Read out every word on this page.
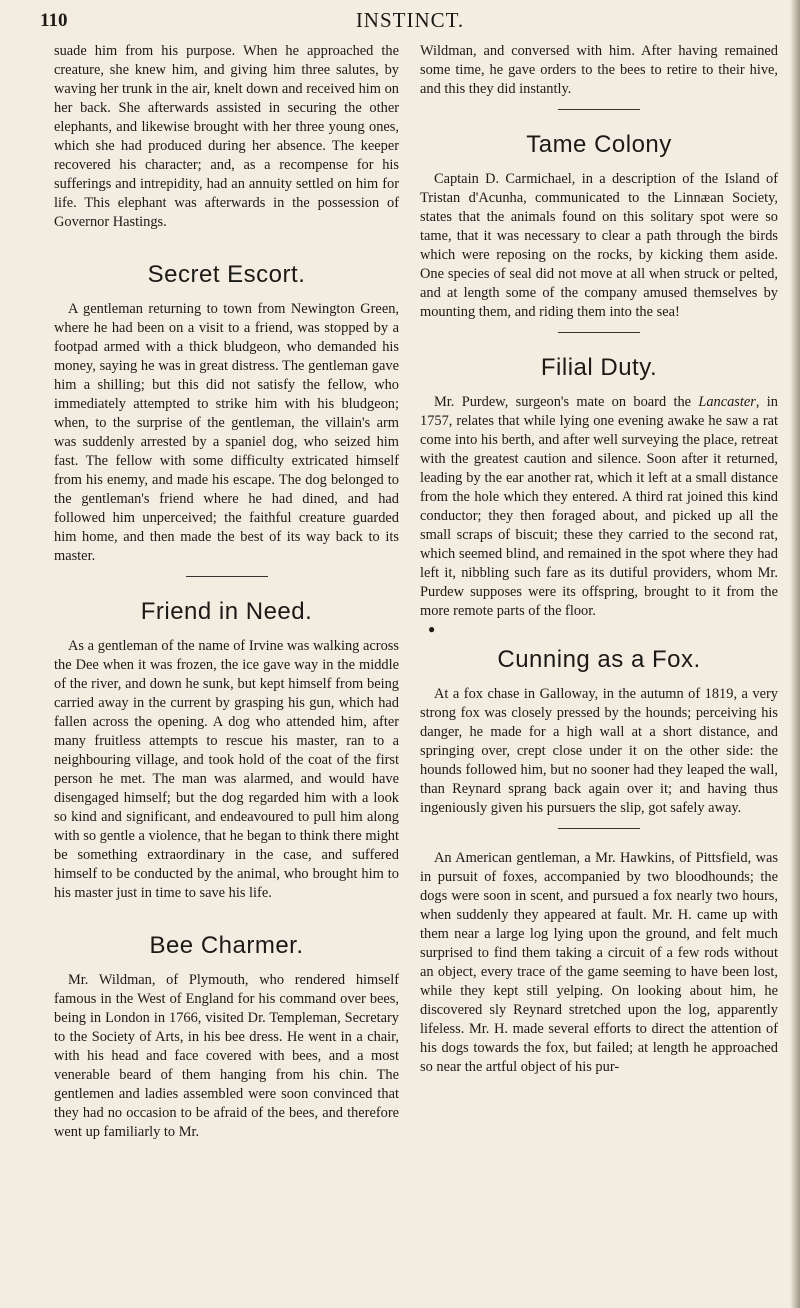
110	INSTINCT.

suade him from his purpose. When he approached the creature, she knew him, and giving him three salutes, by waving her trunk in the air, knelt down and received him on her back. She afterwards assisted in securing the other elephants, and likewise brought with her three young ones, which she had produced during her absence. The keeper recovered his character; and, as a recompense for his sufferings and intrepidity, had an annuity settled on him for life. This elephant was afterwards in the possession of Governor Hastings.

Secret Escort.

A gentleman returning to town from Newington Green, where he had been on a visit to a friend, was stopped by a footpad armed with a thick bludgeon, who demanded his money, saying he was in great distress. The gentleman gave him a shilling; but this did not satisfy the fellow, who immediately attempted to strike him with his bludgeon; when, to the surprise of the gentleman, the villain's arm was suddenly arrested by a spaniel dog, who seized him fast. The fellow with some difficulty extricated himself from his enemy, and made his escape. The dog belonged to the gentleman's friend where he had dined, and had followed him unperceived; the faithful creature guarded him home, and then made the best of its way back to its master.

Friend in Need.

As a gentleman of the name of Irvine was walking across the Dee when it was frozen, the ice gave way in the middle of the river, and down he sunk, but kept himself from being carried away in the current by grasping his gun, which had fallen across the opening. A dog who attended him, after many fruitless attempts to rescue his master, ran to a neighbouring village, and took hold of the coat of the first person he met. The man was alarmed, and would have disengaged himself; but the dog regarded him with a look so kind and significant, and endeavoured to pull him along with so gentle a violence, that he began to think there might be something extraordinary in the case, and suffered himself to be conducted by the animal, who brought him to his master just in time to save his life.

Bee Charmer.

Mr. Wildman, of Plymouth, who rendered himself famous in the West of England for his command over bees, being in London in 1766, visited Dr. Templeman, Secretary to the Society of Arts, in his bee dress. He went in a chair, with his head and face covered with bees, and a most venerable beard of them hanging from his chin. The gentlemen and ladies assembled were soon convinced that they had no occasion to be afraid of the bees, and therefore went up familiarly to Mr.

Wildman, and conversed with him. After having remained some time, he gave orders to the bees to retire to their hive, and this they did instantly.

Tame Colony

Captain D. Carmichael, in a description of the Island of Tristan d'Acunha, communicated to the Linnæan Society, states that the animals found on this solitary spot were so tame, that it was necessary to clear a path through the birds which were reposing on the rocks, by kicking them aside. One species of seal did not move at all when struck or pelted, and at length some of the company amused themselves by mounting them, and riding them into the sea!

Filial Duty.

Mr. Purdew, surgeon's mate on board the Lancaster, in 1757, relates that while lying one evening awake he saw a rat come into his berth, and after well surveying the place, retreat with the greatest caution and silence. Soon after it returned, leading by the ear another rat, which it left at a small distance from the hole which they entered. A third rat joined this kind conductor; they then foraged about, and picked up all the small scraps of biscuit; these they carried to the second rat, which seemed blind, and remained in the spot where they had left it, nibbling such fare as its dutiful providers, whom Mr. Purdew supposes were its offspring, brought to it from the more remote parts of the floor.

●
Cunning as a Fox.

At a fox chase in Galloway, in the autumn of 1819, a very strong fox was closely pressed by the hounds; perceiving his danger, he made for a high wall at a short distance, and springing over, crept close under it on the other side: the hounds followed him, but no sooner had they leaped the wall, than Reynard sprang back again over it; and having thus ingeniously given his pursuers the slip, got safely away.

An American gentleman, a Mr. Hawkins, of Pittsfield, was in pursuit of foxes, accompanied by two bloodhounds; the dogs were soon in scent, and pursued a fox nearly two hours, when suddenly they appeared at fault. Mr. H. came up with them near a large log lying upon the ground, and felt much surprised to find them taking a circuit of a few rods without an object, every trace of the game seeming to have been lost, while they kept still yelping. On looking about him, he discovered sly Reynard stretched upon the log, apparently lifeless. Mr. H. made several efforts to direct the attention of his dogs towards the fox, but failed; at length he approached so near the artful object of his pur-
